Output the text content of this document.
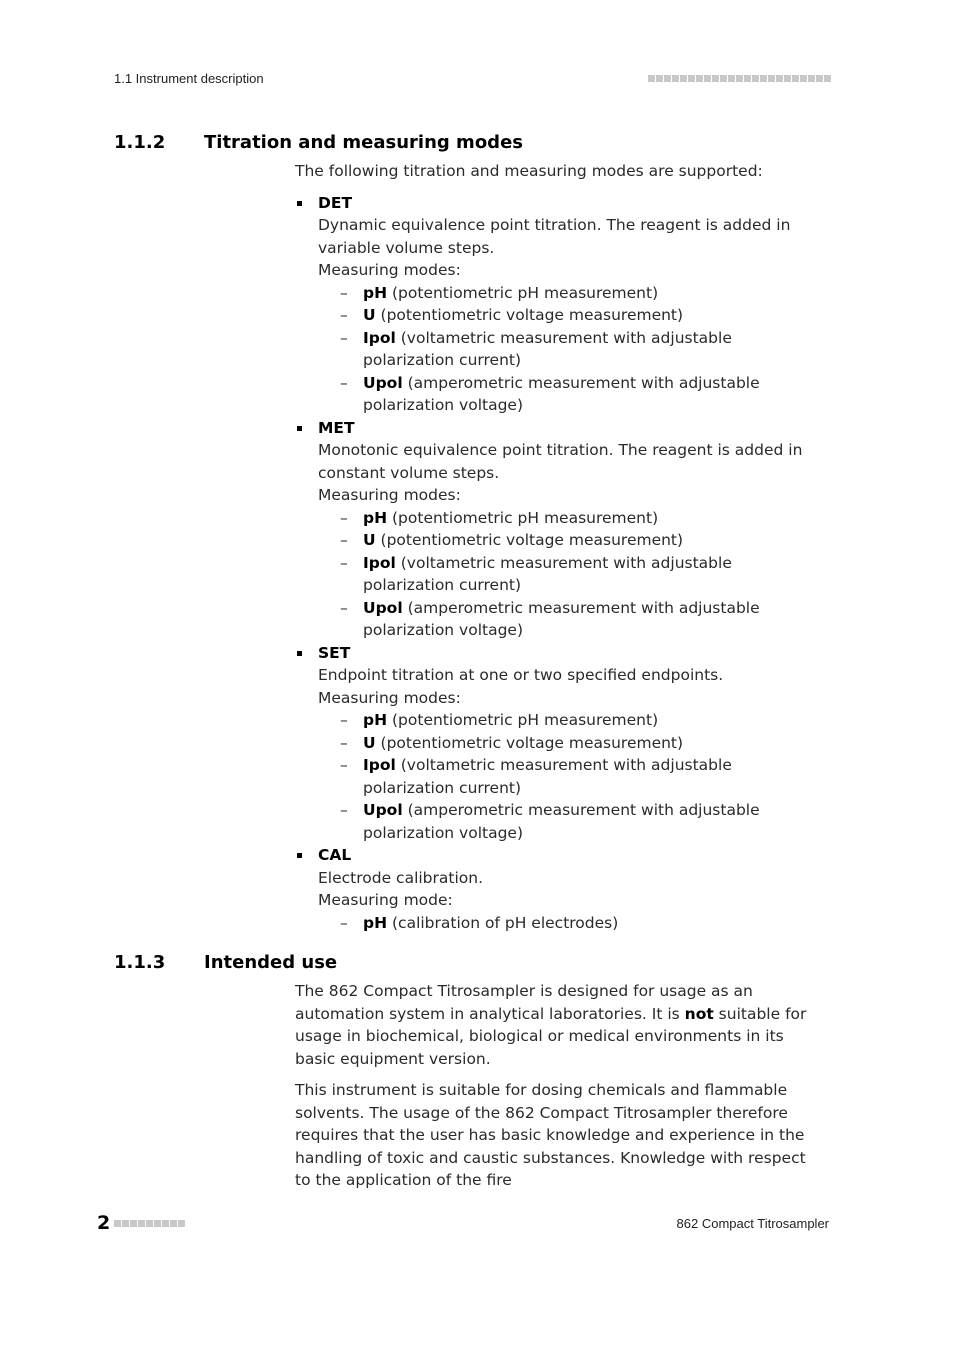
1.1 Instrument description
1.1.2 Titration and measuring modes

The following titration and measuring modes are supported:

DET
Dynamic equivalence point titration. The reagent is added in variable volume steps.
Measuring modes:
– pH (potentiometric pH measurement)
– U (potentiometric voltage measurement)
– Ipol (voltametric measurement with adjustable polarization current)
– Upol (amperometric measurement with adjustable polarization voltage)
MET
Monotonic equivalence point titration. The reagent is added in constant volume steps.
Measuring modes:
– pH (potentiometric pH measurement)
– U (potentiometric voltage measurement)
– Ipol (voltametric measurement with adjustable polarization current)
– Upol (amperometric measurement with adjustable polarization voltage)
SET
Endpoint titration at one or two specified endpoints.
Measuring modes:
– pH (potentiometric pH measurement)
– U (potentiometric voltage measurement)
– Ipol (voltametric measurement with adjustable polarization current)
– Upol (amperometric measurement with adjustable polarization voltage)
CAL
Electrode calibration.
Measuring mode:
– pH (calibration of pH electrodes)
1.1.3 Intended use

The 862 Compact Titrosampler is designed for usage as an automation system in analytical laboratories. It is not suitable for usage in biochemical, biological or medical environments in its basic equipment version.

This instrument is suitable for dosing chemicals and flammable solvents. The usage of the 862 Compact Titrosampler therefore requires that the user has basic knowledge and experience in the handling of toxic and caustic substances. Knowledge with respect to the application of the fire

2	862 Compact Titrosampler
